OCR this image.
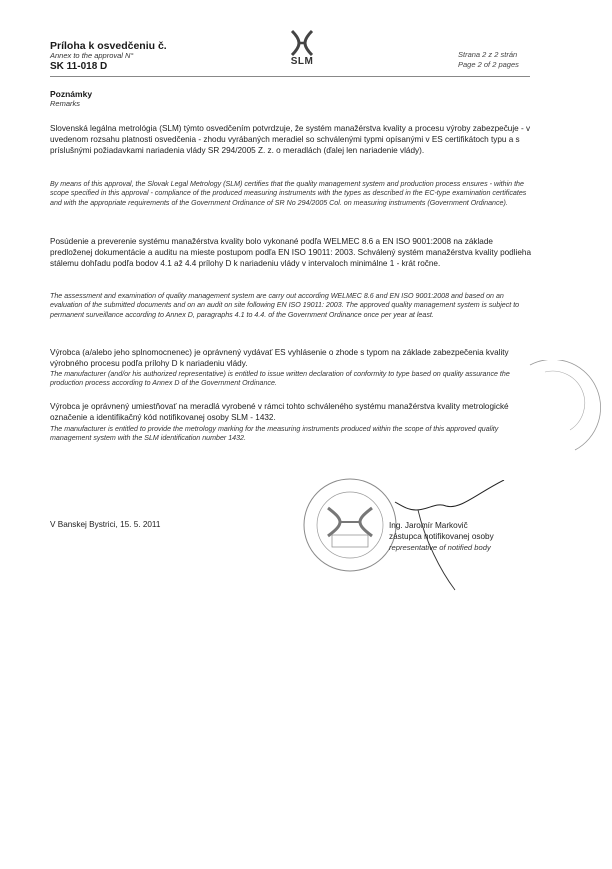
Príloha k osvedčeniu č.
Annex to the approval N°
SK 11-018 D	SLM
Strana 2 z 2 strán
Page 2 of 2 pages
Poznámky
Remarks

Slovenská legálna metrológia (SLM) týmto osvedčením potvrdzuje, že systém manažérstva kvality a procesu výroby zabezpečuje - v uvedenom rozsahu platnosti osvedčenia - zhodu vyrábaných meradiel so schválenými typmi opísanými v ES certifikátoch typu a s príslušnými požiadavkami nariadenia vlády SR 294/2005 Z. z. o meradlách (ďalej len nariadenie vlády).

By means of this approval, the Slovak Legal Metrology (SLM) certifies that the quality management system and production process ensures - within the scope specified in this approval - compliance of the produced measuring instruments with the types as described in the EC-type examination certificates and with the appropriate requirements of the Government Ordinance of SR No 294/2005 Col. on measuring instruments (Government Ordinance).

Posúdenie a preverenie systému manažérstva kvality bolo vykonané podľa WELMEC 8.6 a EN ISO 9001:2008 na základe predloženej dokumentácie a auditu na mieste postupom podľa EN ISO 19011: 2003. Schválený systém manažérstva kvality podlieha stálemu dohľadu podľa bodov 4.1 až 4.4 prílohy D k nariadeniu vlády v intervaloch minimálne 1 - krát ročne.

The assessment and examination of quality management system are carry out according WELMEC 8.6 and EN ISO 9001:2008 and based on an evaluation of the submitted documents and on an audit on site following EN ISO 19011: 2003. The approved quality management system is subject to permanent surveillance according to Annex D, paragraphs 4.1 to 4.4. of the Government Ordinance once per year at least.

Výrobca (a/alebo jeho splnomocnenec) je oprávnený vydávať ES vyhlásenie o zhode s typom na základe zabezpečenia kvality výrobného procesu podľa prílohy D k nariadeniu vlády.

The manufacturer (and/or his authorized representative) is entitled to issue written declaration of conformity to type based on quality assurance the production process according to Annex D of the Government Ordinance.

Výrobca je oprávnený umiestňovať na meradlá vyrobené v rámci tohto schváleného systému manažérstva kvality metrologické označenie a identifikačný kód notifikovanej osoby SLM - 1432.

The manufacturer is entitled to provide the metrology marking for the measuring instruments produced within the scope of this approved quality management system with the SLM identification number 1432.

V Banskej Bystrici, 15. 5. 2011	Ing. Jaromír Markovič
zástupca notifikovanej osoby
representative of notified body
